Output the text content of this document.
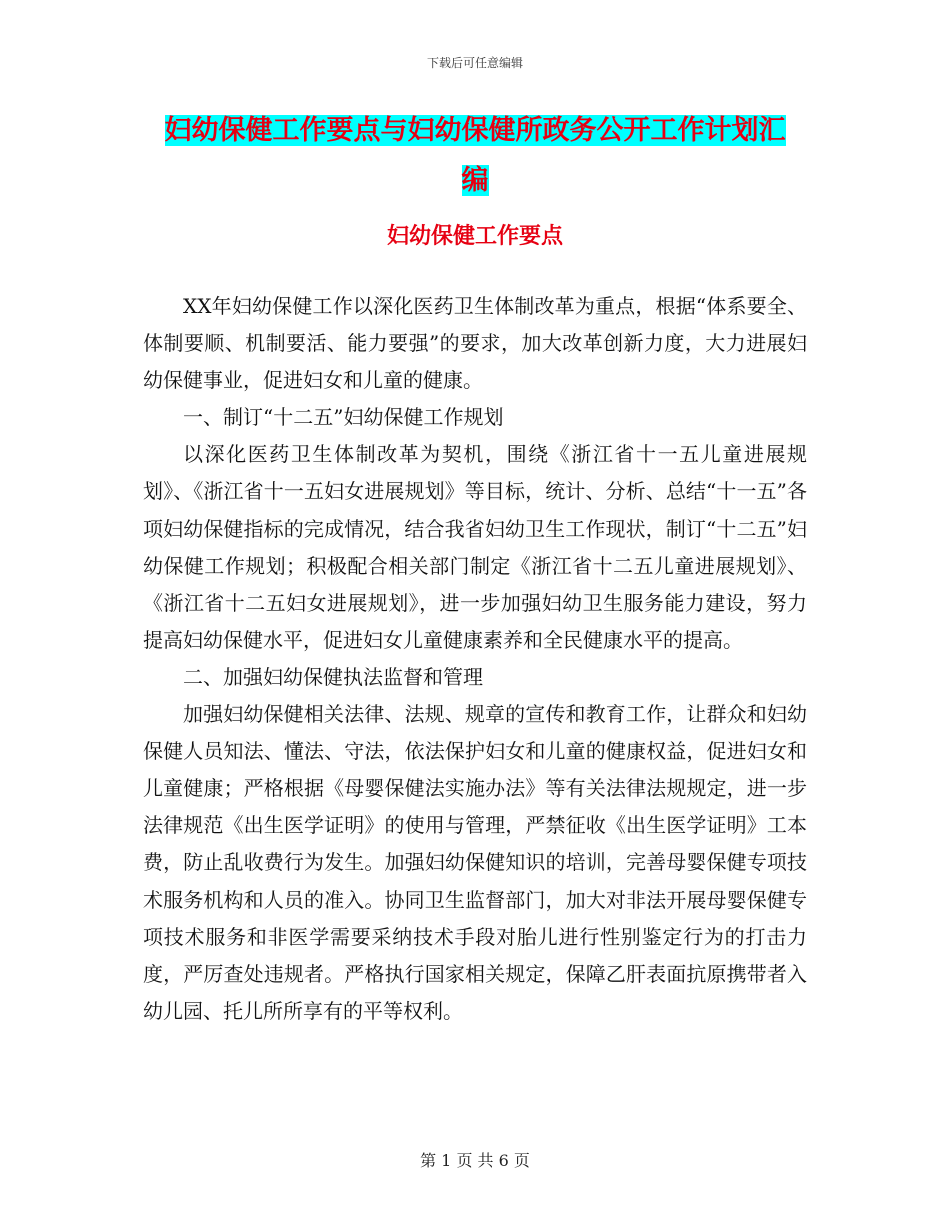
下载后可任意编辑
妇幼保健工作要点与妇幼保健所政务公开工作计划汇
编
妇幼保健工作要点

XX年妇幼保健工作以深化医药卫生体制改革为重点，根据“体系要全、体制要顺、机制要活、能力要强”的要求，加大改革创新力度，大力进展妇幼保健事业，促进妇女和儿童的健康。

一、制订“十二五”妇幼保健工作规划

以深化医药卫生体制改革为契机，围绕《浙江省十一五儿童进展规划》、《浙江省十一五妇女进展规划》等目标，统计、分析、总结“十一五”各项妇幼保健指标的完成情况，结合我省妇幼卫生工作现状，制订“十二五”妇幼保健工作规划；积极配合相关部门制定《浙江省十二五儿童进展规划》、《浙江省十二五妇女进展规划》，进一步加强妇幼卫生服务能力建设，努力提高妇幼保健水平，促进妇女儿童健康素养和全民健康水平的提高。

二、加强妇幼保健执法监督和管理

加强妇幼保健相关法律、法规、规章的宣传和教育工作，让群众和妇幼保健人员知法、懂法、守法，依法保护妇女和儿童的健康权益，促进妇女和儿童健康；严格根据《母婴保健法实施办法》等有关法律法规规定，进一步法律规范《出生医学证明》的使用与管理，严禁征收《出生医学证明》工本费，防止乱收费行为发生。加强妇幼保健知识的培训，完善母婴保健专项技术服务机构和人员的准入。协同卫生监督部门，加大对非法开展母婴保健专项技术服务和非医学需要采纳技术手段对胎儿进行性别鉴定行为的打击力度，严厉查处违规者。严格执行国家相关规定，保障乙肝表面抗原携带者入幼儿园、托儿所所享有的平等权利。

第 1 页 共 6 页
